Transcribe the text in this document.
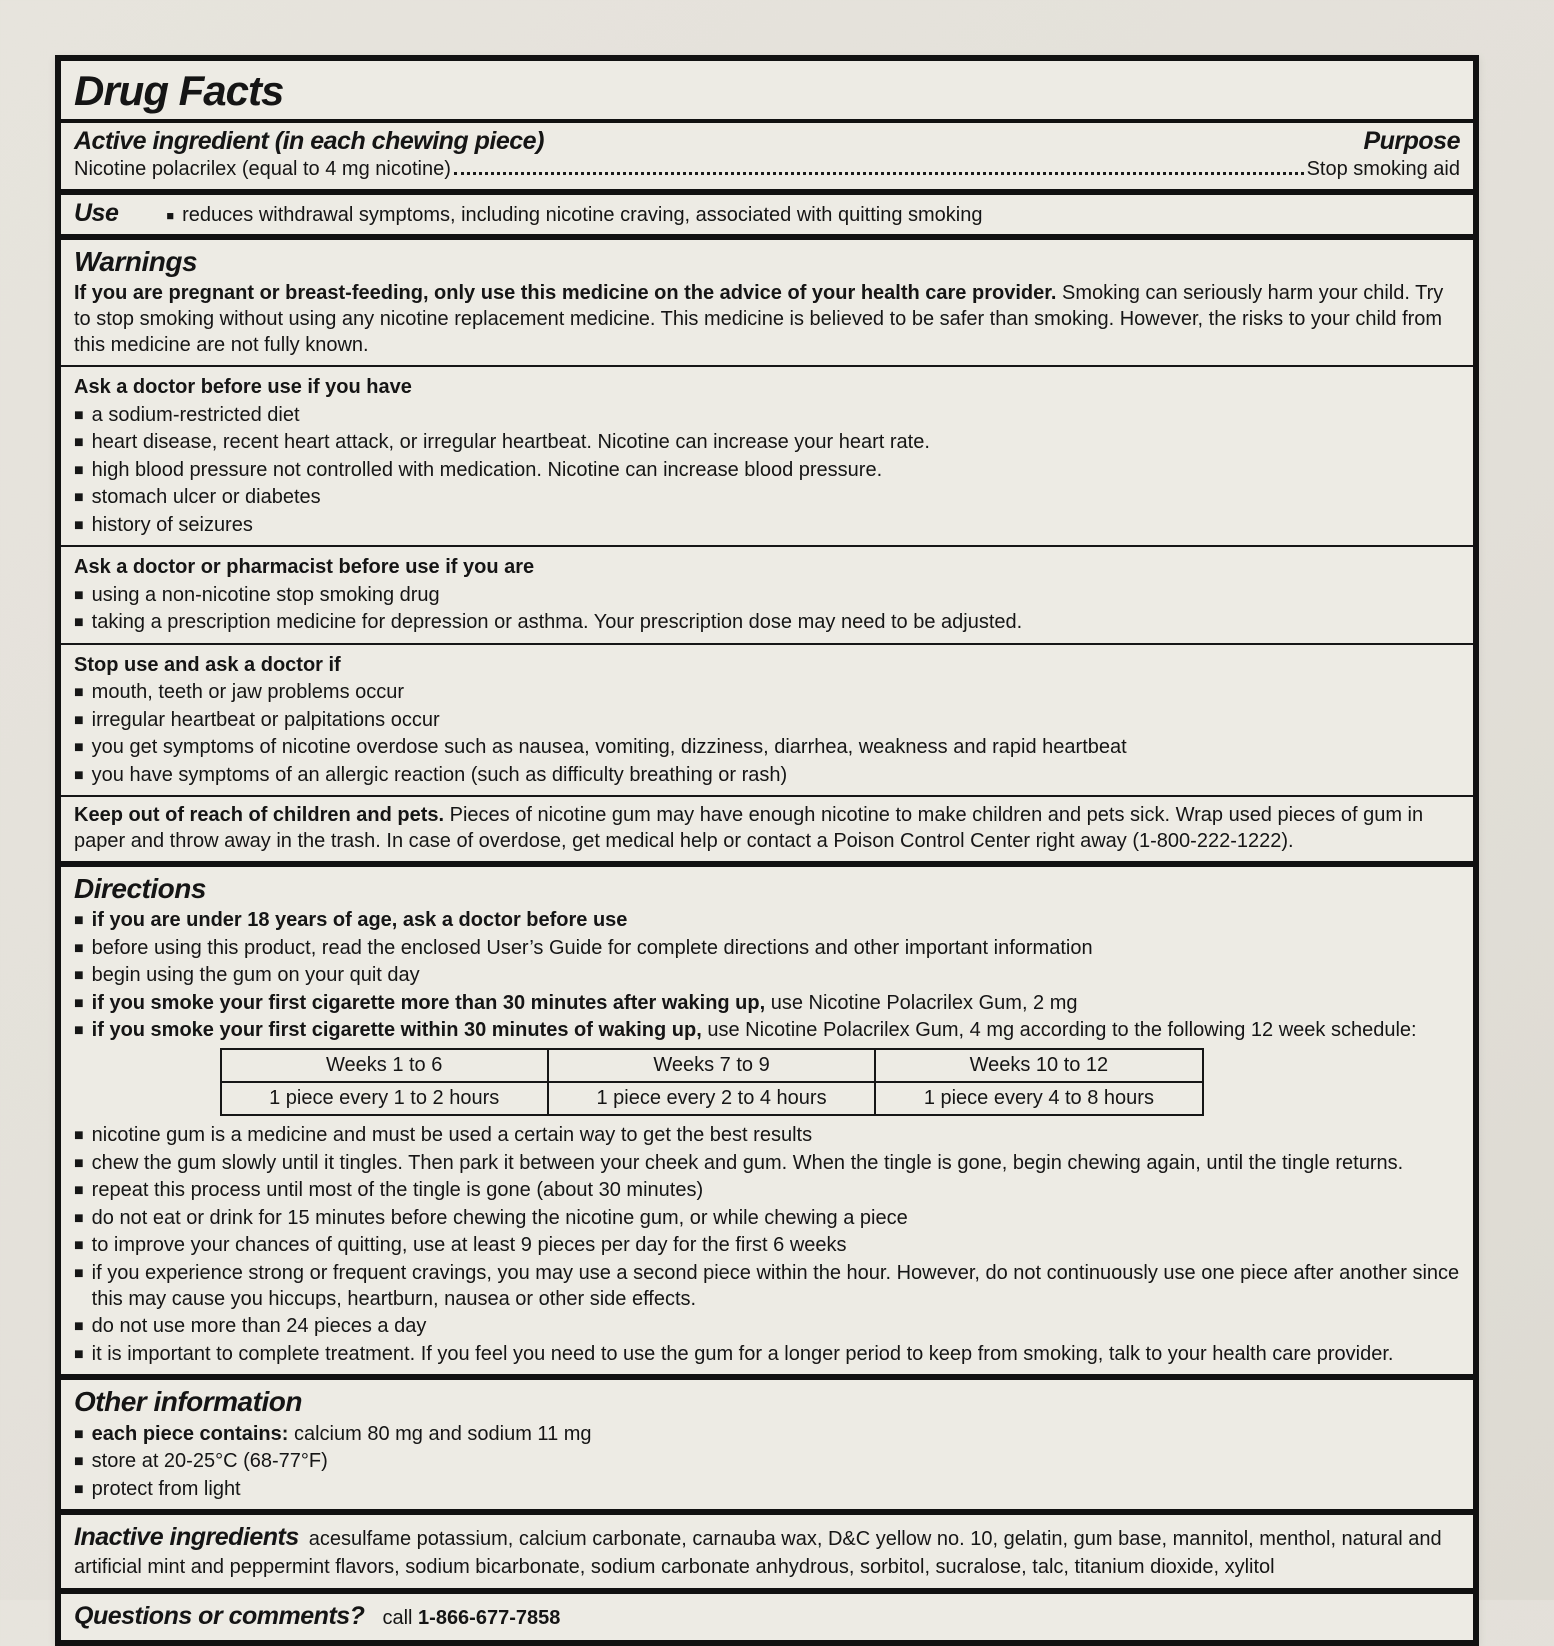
Drug Facts
Active ingredient (in each chewing piece)	Purpose
Nicotine polacrilex (equal to 4 mg nicotine)	Stop smoking aid
Use ■	reduces withdrawal symptoms, including nicotine craving, associated with quitting smoking
Warnings

If you are pregnant or breast-feeding, only use this medicine on the advice of your health care provider. Smoking can seriously harm your child. Try to stop smoking without using any nicotine replacement medicine. This medicine is believed to be safer than smoking. However, the risks to your child from this medicine are not fully known.

Ask a doctor before use if you have
■
a sodium-restricted diet
■
heart disease, recent heart attack, or irregular heartbeat. Nicotine can increase your heart rate.
■
high blood pressure not controlled with medication. Nicotine can increase blood pressure.
■
stomach ulcer or diabetes
■
history of seizures
Ask a doctor or pharmacist before use if you are
■
using a non-nicotine stop smoking drug
■
taking a prescription medicine for depression or asthma. Your prescription dose may need to be adjusted.
Stop use and ask a doctor if
■
mouth, teeth or jaw problems occur
■
irregular heartbeat or palpitations occur
■
you get symptoms of nicotine overdose such as nausea, vomiting, dizziness, diarrhea, weakness and rapid heartbeat
■
you have symptoms of an allergic reaction (such as difficulty breathing or rash)

Keep out of reach of children and pets. Pieces of nicotine gum may have enough nicotine to make children and pets sick. Wrap used pieces of gum in paper and throw away in the trash. In case of overdose, get medical help or contact a Poison Control Center right away (1-800-222-1222).

Directions
■
if you are under 18 years of age, ask a doctor before use
■
before using this product, read the enclosed User’s Guide for complete directions and other important information
■
begin using the gum on your quit day
■
if you smoke your first cigarette more than 30 minutes after waking up, use Nicotine Polacrilex Gum, 2 mg
■
if you smoke your first cigarette within 30 minutes of waking up, use Nicotine Polacrilex Gum, 4 mg according to the following 12 week schedule:
Weeks 1 to 6	Weeks 7 to 9	Weeks 10 to 12
1 piece every 1 to 2 hours	1 piece every 2 to 4 hours	1 piece every 4 to 8 hours
■
nicotine gum is a medicine and must be used a certain way to get the best results
■
chew the gum slowly until it tingles. Then park it between your cheek and gum. When the tingle is gone, begin chewing again, until the tingle returns.
■
repeat this process until most of the tingle is gone (about 30 minutes)
■
do not eat or drink for 15 minutes before chewing the nicotine gum, or while chewing a piece
■
to improve your chances of quitting, use at least 9 pieces per day for the first 6 weeks
■
if you experience strong or frequent cravings, you may use a second piece within the hour. However, do not continuously use one piece after another since this may cause you hiccups, heartburn, nausea or other side effects.
■
do not use more than 24 pieces a day
■
it is important to complete treatment. If you feel you need to use the gum for a longer period to keep from smoking, talk to your health care provider.
Other information
■
each piece contains: calcium 80 mg and sodium 11 mg
■
store at 20-25°C (68-77°F)
■
protect from light

Inactive ingredients acesulfame potassium, calcium carbonate, carnauba wax, D&C yellow no. 10, gelatin, gum base, mannitol, menthol, natural and artificial mint and peppermint flavors, sodium bicarbonate, sodium carbonate anhydrous, sorbitol, sucralose, talc, titanium dioxide, xylitol

Questions or comments? call 1-866-677-7858
